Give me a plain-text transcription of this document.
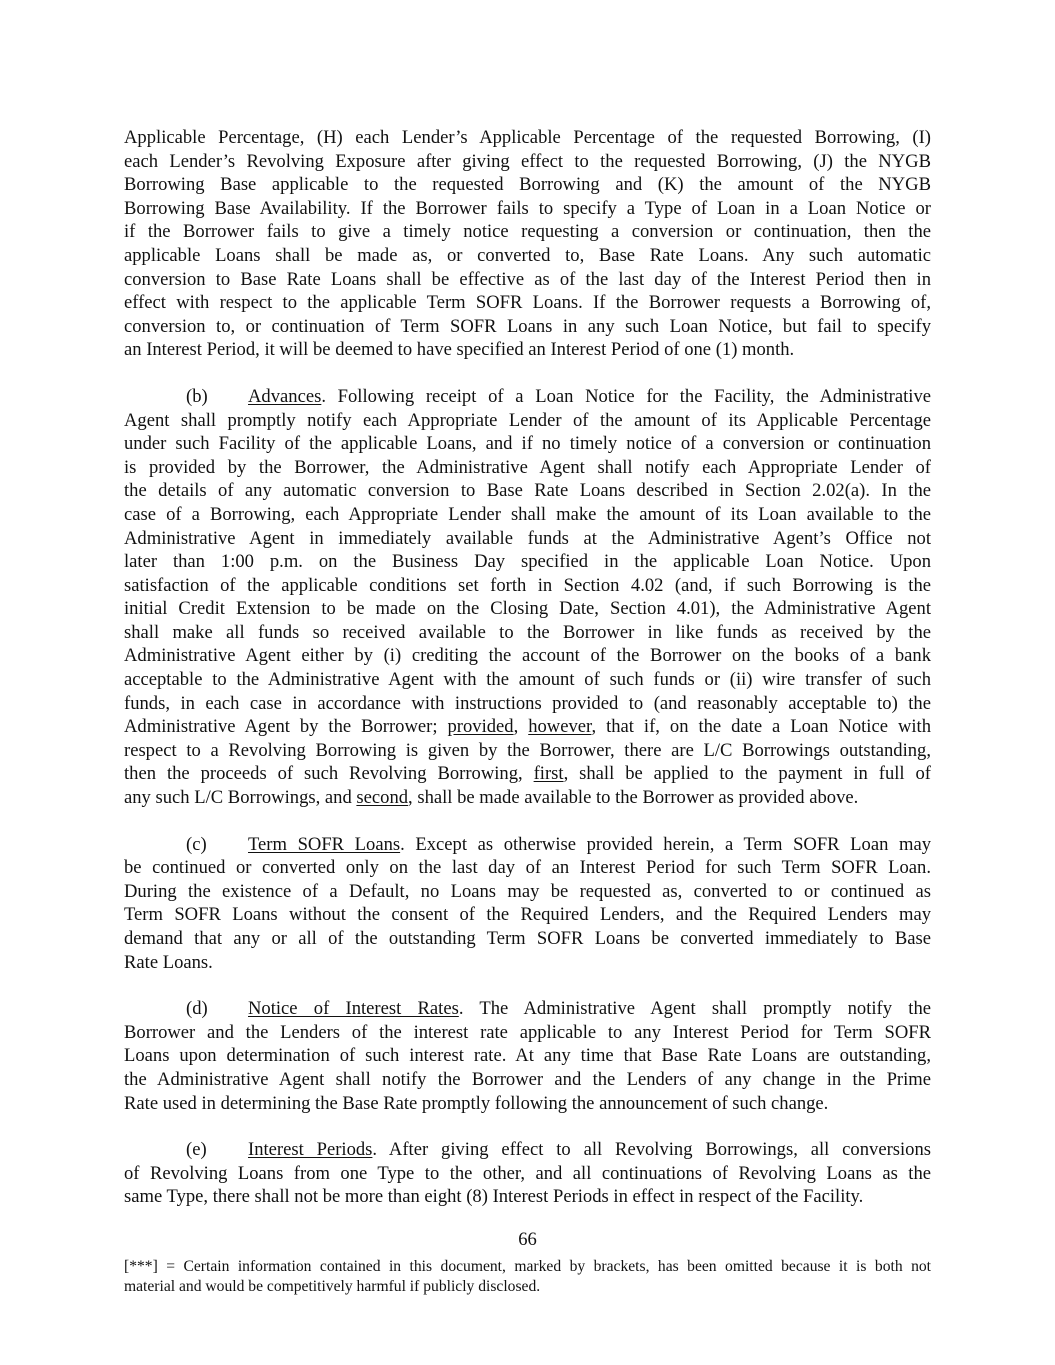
Applicable Percentage, (H) each Lender’s Applicable Percentage of the requested Borrowing, (I)
each Lender’s Revolving Exposure after giving effect to the requested Borrowing, (J) the NYGB
Borrowing Base applicable to the requested Borrowing and (K) the amount of the NYGB
Borrowing Base Availability. If the Borrower fails to specify a Type of Loan in a Loan Notice or
if the Borrower fails to give a timely notice requesting a conversion or continuation, then the
applicable Loans shall be made as, or converted to, Base Rate Loans. Any such automatic
conversion to Base Rate Loans shall be effective as of the last day of the Interest Period then in
effect with respect to the applicable Term SOFR Loans. If the Borrower requests a Borrowing of,
conversion to, or continuation of Term SOFR Loans in any such Loan Notice, but fail to specify
an Interest Period, it will be deemed to have specified an Interest Period of one (1) month.
(b) Advances. Following receipt of a Loan Notice for the Facility, the Administrative
Agent shall promptly notify each Appropriate Lender of the amount of its Applicable Percentage
under such Facility of the applicable Loans, and if no timely notice of a conversion or continuation
is provided by the Borrower, the Administrative Agent shall notify each Appropriate Lender of
the details of any automatic conversion to Base Rate Loans described in Section 2.02(a). In the
case of a Borrowing, each Appropriate Lender shall make the amount of its Loan available to the
Administrative Agent in immediately available funds at the Administrative Agent’s Office not
later than 1:00 p.m. on the Business Day specified in the applicable Loan Notice. Upon
satisfaction of the applicable conditions set forth in Section 4.02 (and, if such Borrowing is the
initial Credit Extension to be made on the Closing Date, Section 4.01), the Administrative Agent
shall make all funds so received available to the Borrower in like funds as received by the
Administrative Agent either by (i) crediting the account of the Borrower on the books of a bank
acceptable to the Administrative Agent with the amount of such funds or (ii) wire transfer of such
funds, in each case in accordance with instructions provided to (and reasonably acceptable to) the
Administrative Agent by the Borrower; provided, however, that if, on the date a Loan Notice with
respect to a Revolving Borrowing is given by the Borrower, there are L/C Borrowings outstanding,
then the proceeds of such Revolving Borrowing, first, shall be applied to the payment in full of
any such L/C Borrowings, and second, shall be made available to the Borrower as provided above.
(c) Term SOFR Loans. Except as otherwise provided herein, a Term SOFR Loan may
be continued or converted only on the last day of an Interest Period for such Term SOFR Loan.
During the existence of a Default, no Loans may be requested as, converted to or continued as
Term SOFR Loans without the consent of the Required Lenders, and the Required Lenders may
demand that any or all of the outstanding Term SOFR Loans be converted immediately to Base
Rate Loans.
(d) Notice of Interest Rates. The Administrative Agent shall promptly notify the
Borrower and the Lenders of the interest rate applicable to any Interest Period for Term SOFR
Loans upon determination of such interest rate. At any time that Base Rate Loans are outstanding,
the Administrative Agent shall notify the Borrower and the Lenders of any change in the Prime
Rate used in determining the Base Rate promptly following the announcement of such change.
(e) Interest Periods. After giving effect to all Revolving Borrowings, all conversions
of Revolving Loans from one Type to the other, and all continuations of Revolving Loans as the
same Type, there shall not be more than eight (8) Interest Periods in effect in respect of the Facility.
66
[***] = Certain information contained in this document, marked by brackets, has been omitted because it is both not
material and would be competitively harmful if publicly disclosed.
